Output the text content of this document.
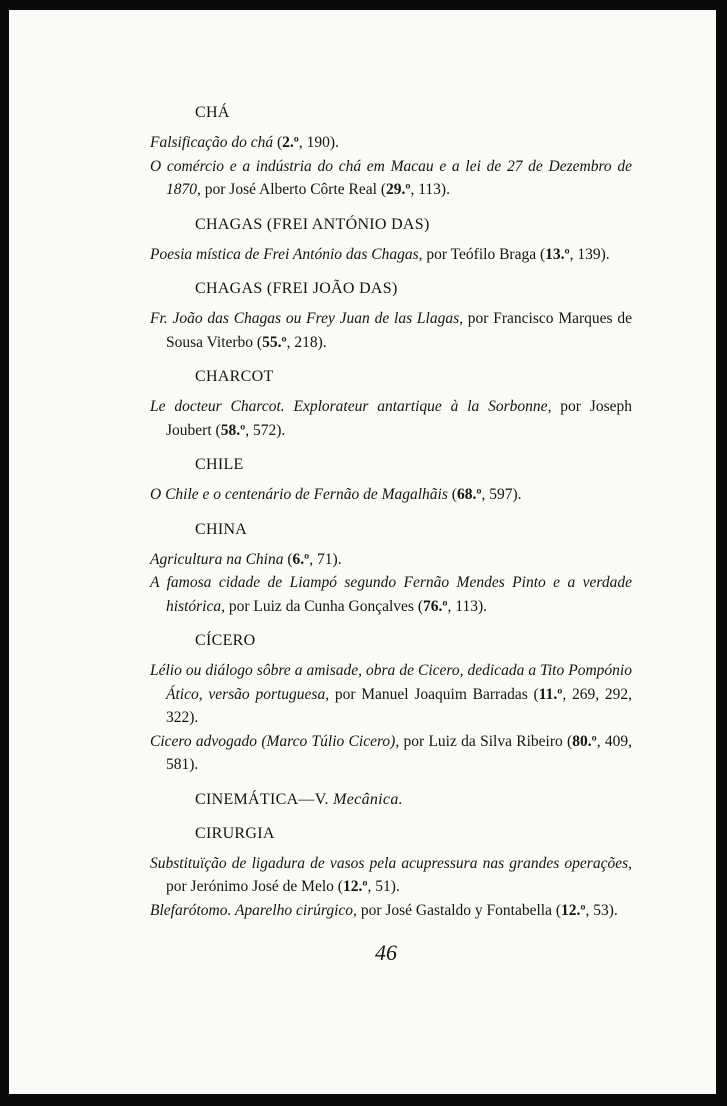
CHÁ

Falsificação do chá (2.º, 190).

O comércio e a indústria do chá em Macau e a lei de 27 de Dezembro de 1870, por José Alberto Côrte Real (29.º, 113).

CHAGAS (FREI ANTÓNIO DAS)

Poesia mística de Frei António das Chagas, por Teófilo Braga (13.º, 139).

CHAGAS (FREI JOÃO DAS)

Fr. João das Chagas ou Frey Juan de las Llagas, por Francisco Marques de Sousa Viterbo (55.º, 218).

CHARCOT

Le docteur Charcot. Explorateur antartique à la Sorbonne, por Joseph Joubert (58.º, 572).

CHILE

O Chile e o centenário de Fernão de Magalhãis (68.º, 597).

CHINA

Agricultura na China (6.º, 71).

A famosa cidade de Liampó segundo Fernão Mendes Pinto e a verdade histórica, por Luiz da Cunha Gonçalves (76.º, 113).

CÍCERO

Lélio ou diálogo sôbre a amisade, obra de Cicero, dedicada a Tito Pompónio Ático, versão portuguesa, por Manuel Joaquim Barradas (11.º, 269, 292, 322).

Cicero advogado (Marco Túlio Cicero), por Luiz da Silva Ribeiro (80.º, 409, 581).

CINEMÁTICA—V. Mecânica.
CIRURGIA

Substituïção de ligadura de vasos pela acupressura nas grandes operações, por Jerónimo José de Melo (12.º, 51).

Blefarótomo. Aparelho cirúrgico, por José Gastaldo y Fontabella (12.º, 53).

46
